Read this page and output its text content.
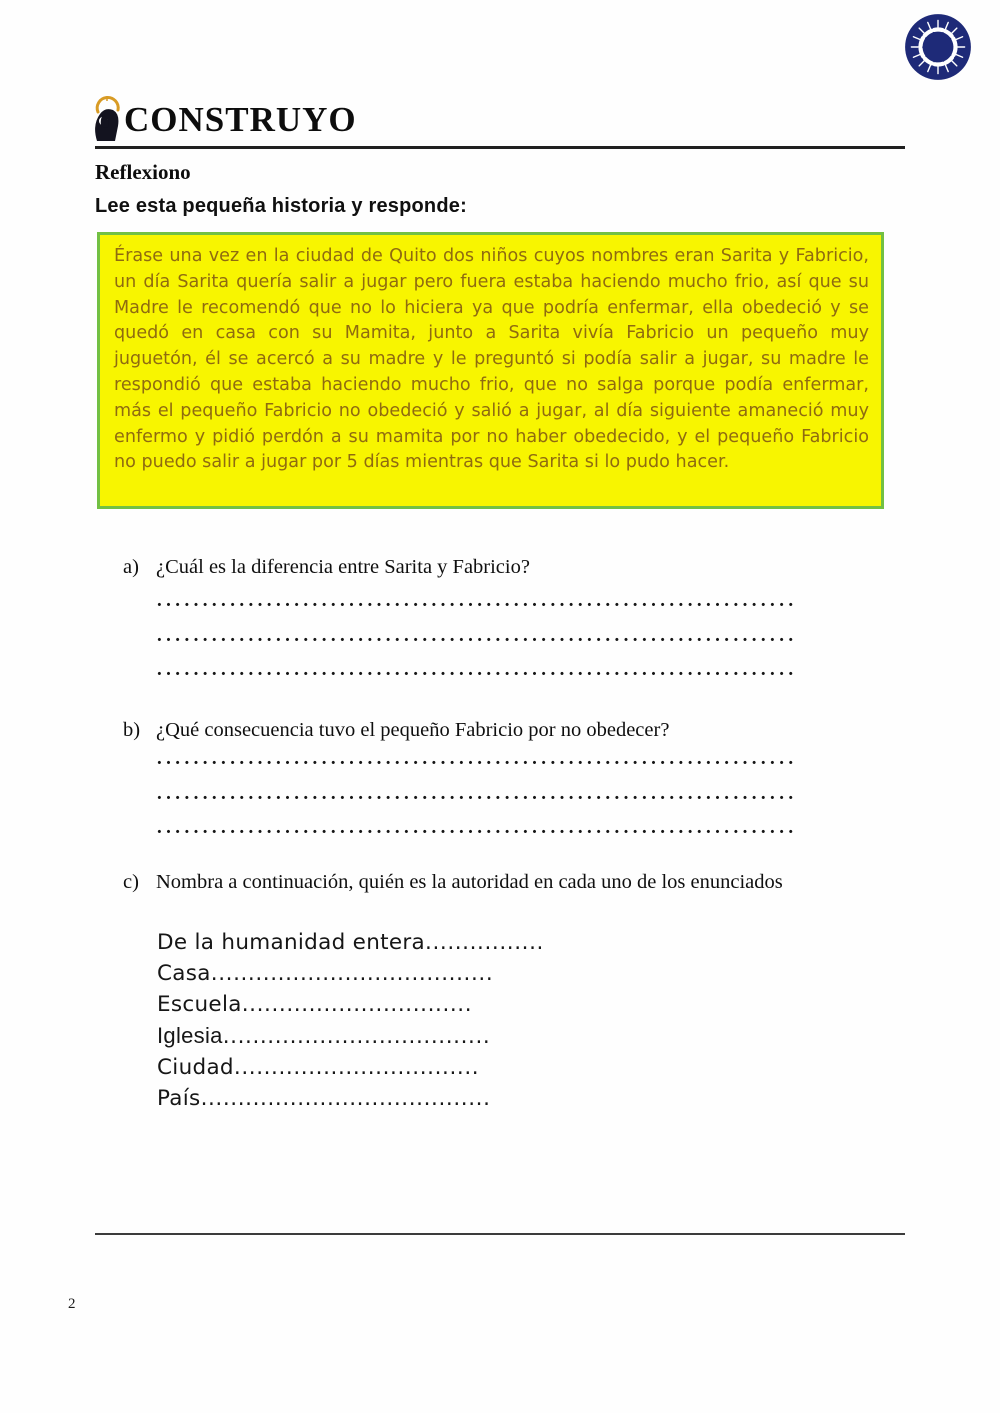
CONSTRUYO
Reflexiono
Lee esta pequeña historia y responde:

Érase una vez en la ciudad de Quito dos niños cuyos nombres eran Sarita y Fabricio, un día Sarita quería salir a jugar pero fuera estaba haciendo mucho frio, así que su Madre le recomendó que no lo hiciera ya que podría enfermar, ella obedeció y se quedó en casa con su Mamita, junto a Sarita vivía Fabricio un pequeño muy juguetón, él se acercó a su madre y le preguntó si podía salir a jugar, su madre le respondió que estaba haciendo mucho frio, que no salga porque podía enfermar, más el pequeño Fabricio no obedeció y salió a jugar, al día siguiente amaneció muy enfermo y pidió perdón a su mamita por no haber obedecido, y el pequeño Fabricio no puedo salir a jugar por 5 días mientras que Sarita si lo pudo hacer.

a) ¿Cuál es la diferencia entre Sarita y Fabricio?
......................................................................
......................................................................
......................................................................
b) ¿Qué consecuencia tuvo el pequeño Fabricio por no obedecer?
......................................................................
......................................................................
......................................................................
c) Nombra a continuación, quién es la autoridad en cada uno de los enunciados
De la humanidad entera................
Casa......................................
Escuela...............................
Iglesia....................................
Ciudad.................................
País.......................................
2
